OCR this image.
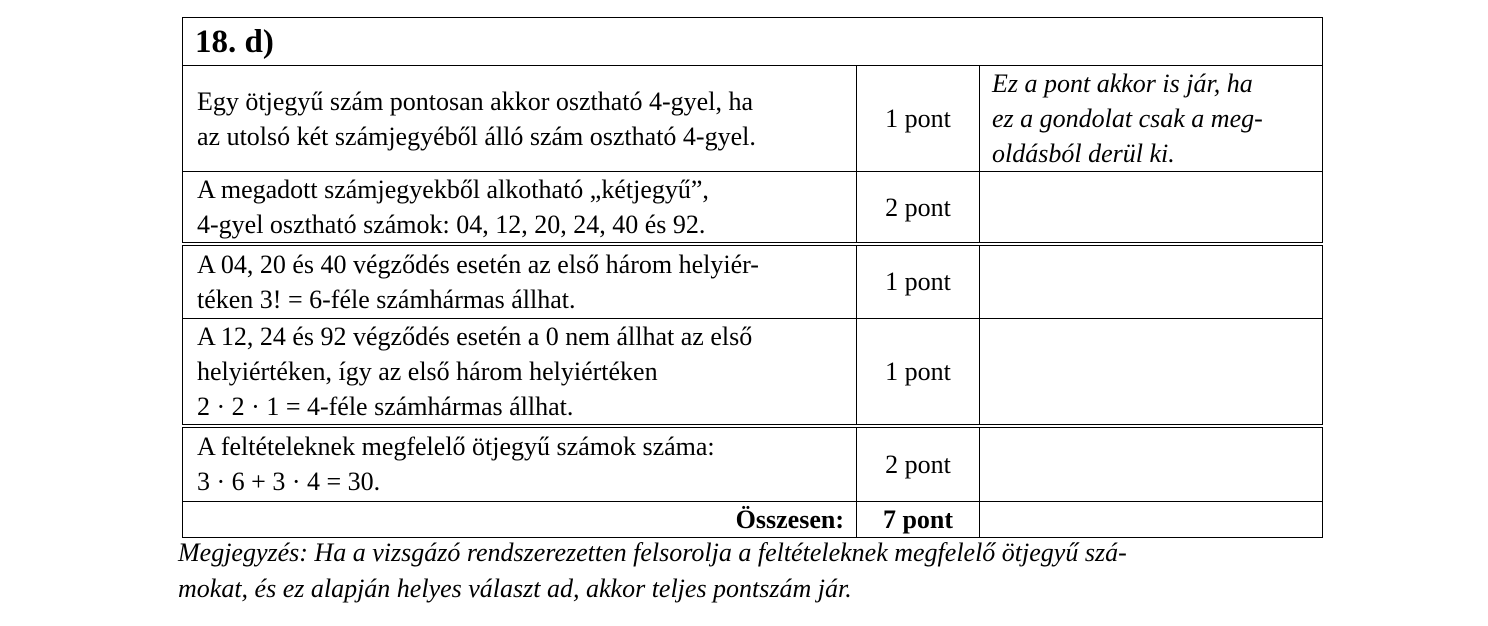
18. d)		
Egy ötjegyű szám pontosan akkor osztható 4-gyel, ha
az utolsó két számjegyéből álló szám osztható 4-gyel.	1 pont	Ez a pont akkor is jár, ha
ez a gondolat csak a meg-
oldásból derül ki.
A megadott számjegyekből alkotható „kétjegyű”,
4-gyel osztható számok: 04, 12, 20, 24, 40 és 92.	2 pont	
A 04, 20 és 40 végződés esetén az első három helyiér-
téken 3! = 6-féle számhármas állhat.	1 pont	
A 12, 24 és 92 végződés esetén a 0 nem állhat az első
helyiértéken, így az első három helyiértéken
2 · 2 · 1 = 4-féle számhármas állhat.	1 pont	
A feltételeknek megfelelő ötjegyű számok száma:
3 · 6 + 3 · 4 = 30.	2 pont	
Összesen:	7 pont	
Megjegyzés: Ha a vizsgázó rendszerezetten felsorolja a feltételeknek megfelelő ötjegyű szá-
mokat, és ez alapján helyes választ ad, akkor teljes pontszám jár.
